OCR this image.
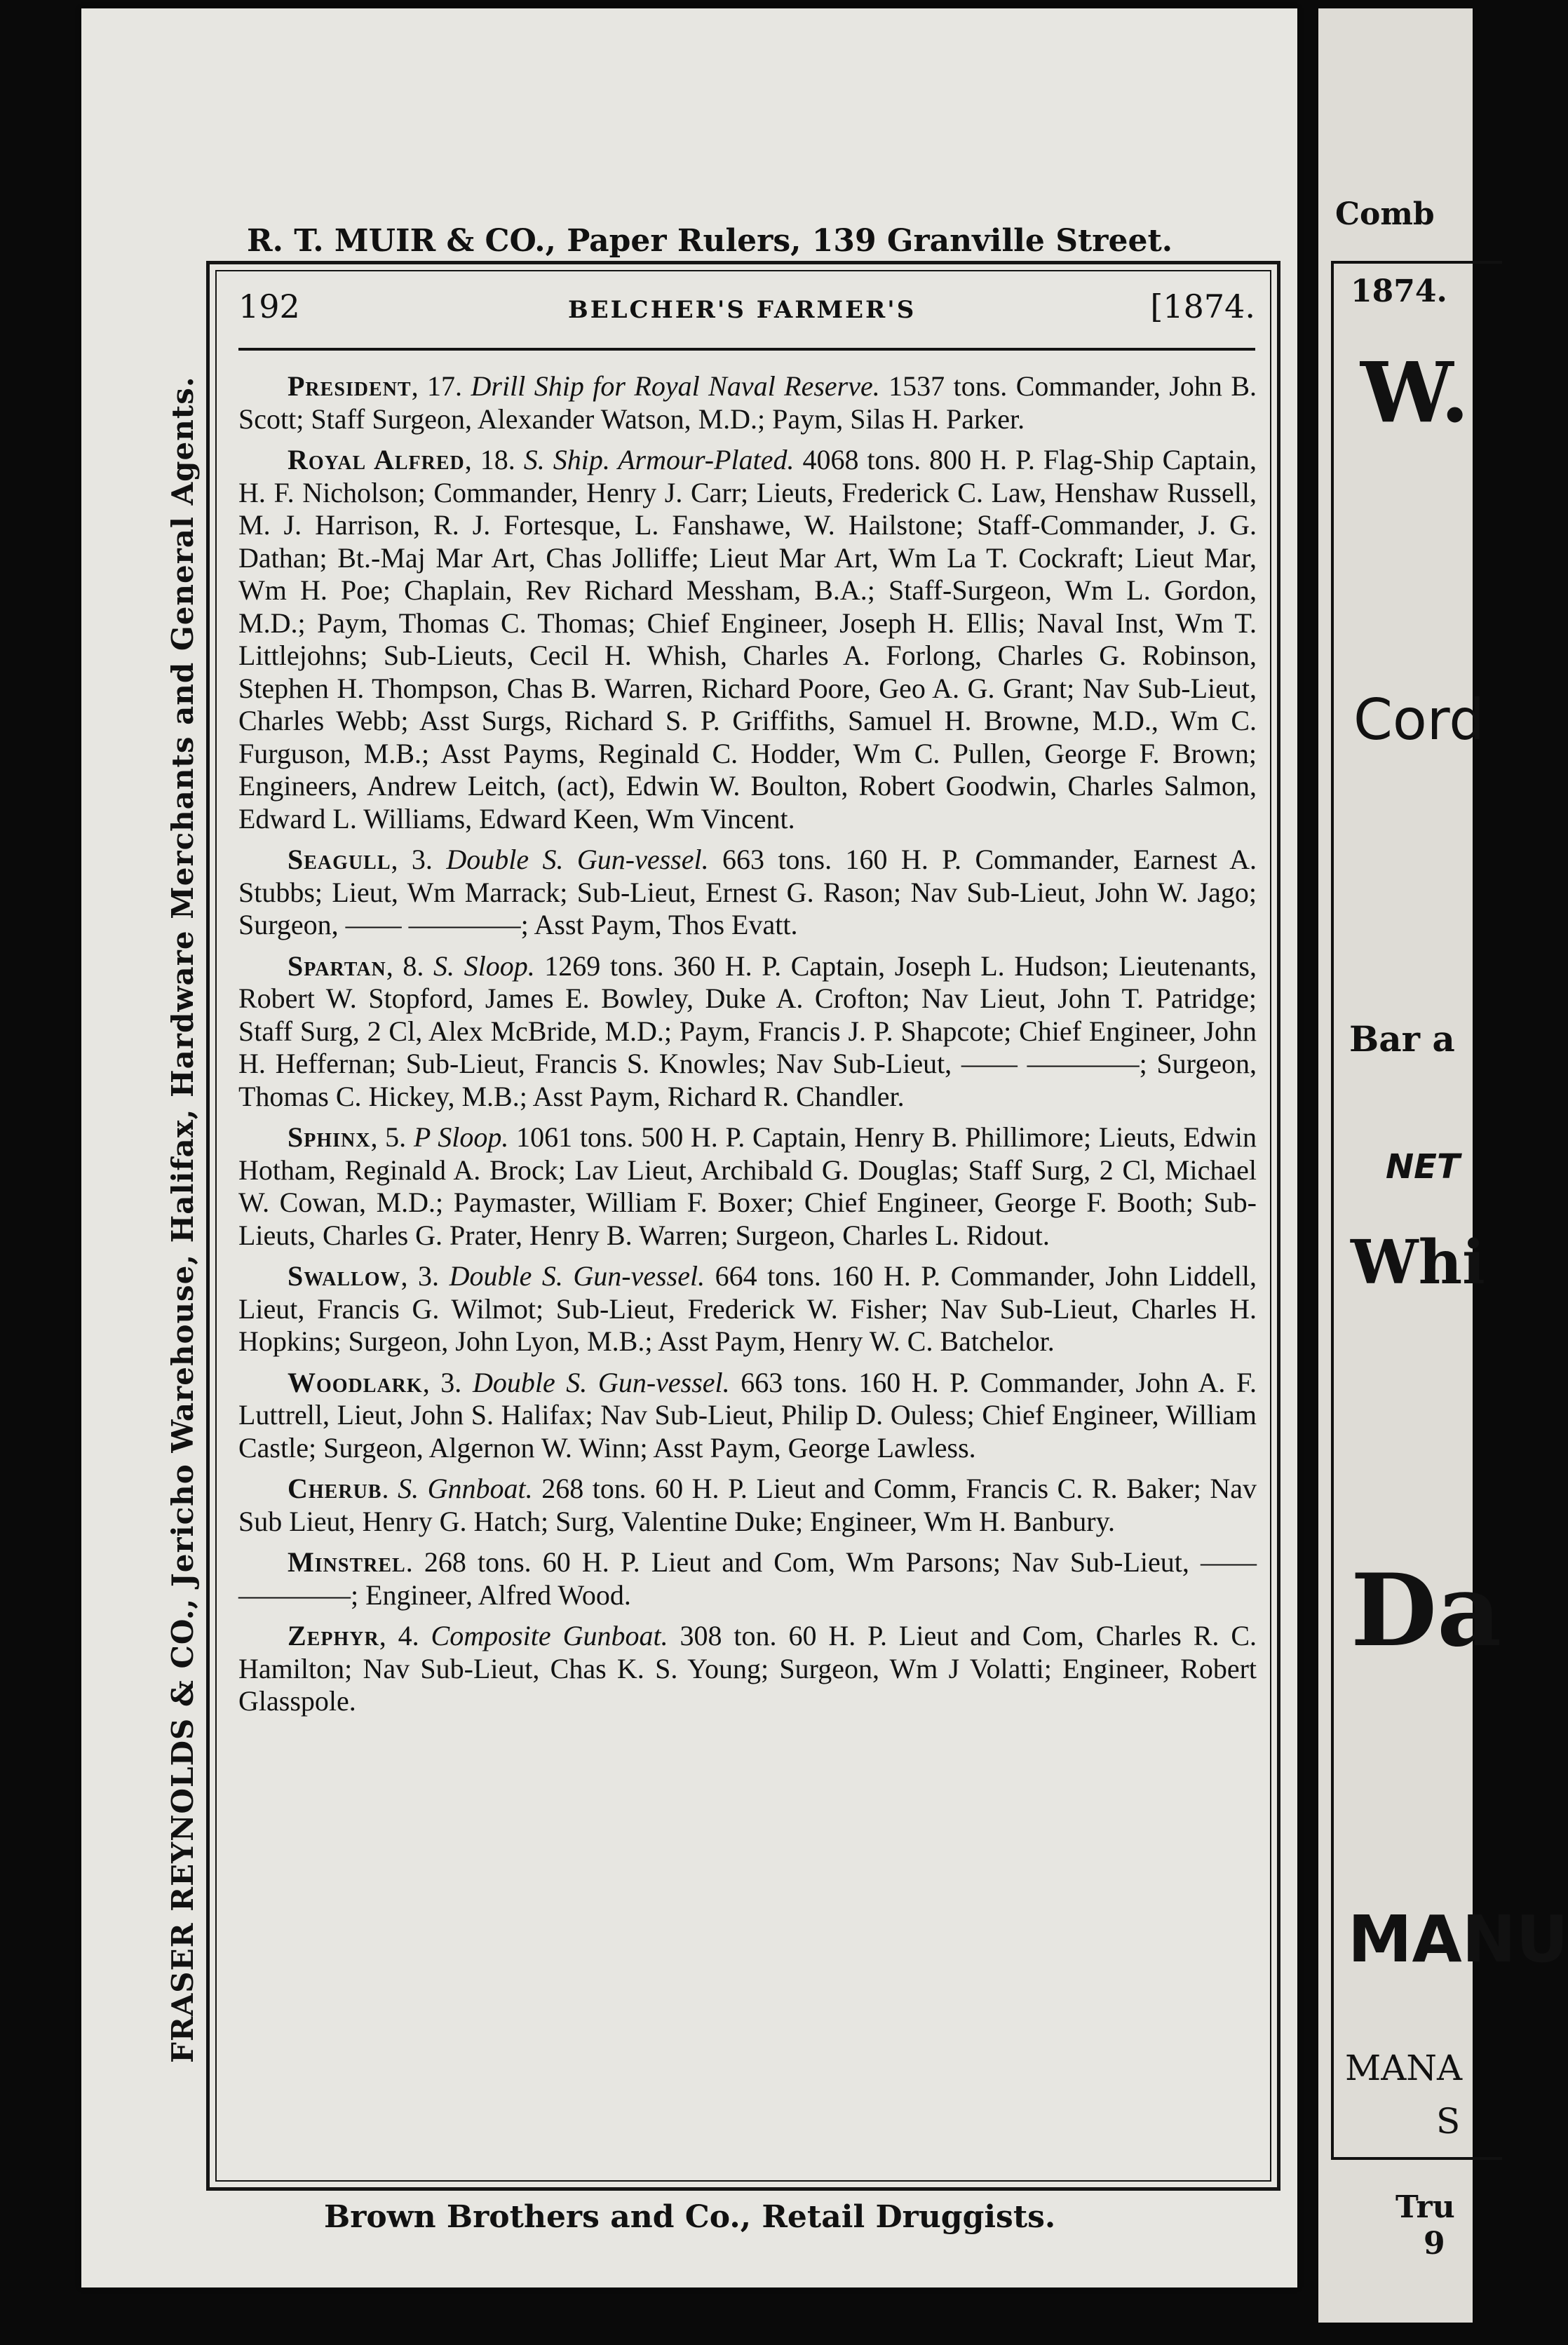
Comb
1874.
W.
Cord
Bar a
NET
Whi
Da
MANU
MANA
S
Tru
9
FRASER REYNOLDS & CO., Jericho Warehouse, Halifax, Hardware Merchants and General Agents.
R. T. MUIR & CO., Paper Rulers, 139 Granville Street.
192	BELCHER'S FARMER'S	[1874.

President, 17. Drill Ship for Royal Naval Reserve. 1537 tons. Commander, John B. Scott; Staff Surgeon, Alexander Watson, M.D.; Paym, Silas H. Parker.

Royal Alfred, 18. S. Ship. Armour-Plated. 4068 tons. 800 H. P. Flag-Ship Captain, H. F. Nicholson; Commander, Henry J. Carr; Lieuts, Frederick C. Law, Henshaw Russell, M. J. Harrison, R. J. Fortesque, L. Fanshawe, W. Hailstone; Staff-Commander, J. G. Dathan; Bt.-Maj Mar Art, Chas Jolliffe; Lieut Mar Art, Wm La T. Cockraft; Lieut Mar, Wm H. Poe; Chaplain, Rev Richard Messham, B.A.; Staff-Surgeon, Wm L. Gordon, M.D.; Paym, Thomas C. Thomas; Chief Engineer, Joseph H. Ellis; Naval Inst, Wm T. Littlejohns; Sub-Lieuts, Cecil H. Whish, Charles A. Forlong, Charles G. Robinson, Stephen H. Thompson, Chas B. Warren, Richard Poore, Geo A. G. Grant; Nav Sub-Lieut, Charles Webb; Asst Surgs, Richard S. P. Griffiths, Samuel H. Browne, M.D., Wm C. Furguson, M.B.; Asst Payms, Reginald C. Hodder, Wm C. Pullen, George F. Brown; Engineers, Andrew Leitch, (act), Edwin W. Boulton, Robert Goodwin, Charles Salmon, Edward L. Williams, Edward Keen, Wm Vincent.

Seagull, 3. Double S. Gun-vessel. 663 tons. 160 H. P. Commander, Earnest A. Stubbs; Lieut, Wm Marrack; Sub-Lieut, Ernest G. Rason; Nav Sub-Lieut, John W. Jago; Surgeon, —— ————; Asst Paym, Thos Evatt.

Spartan, 8. S. Sloop. 1269 tons. 360 H. P. Captain, Joseph L. Hudson; Lieutenants, Robert W. Stopford, James E. Bowley, Duke A. Crofton; Nav Lieut, John T. Patridge; Staff Surg, 2 Cl, Alex McBride, M.D.; Paym, Francis J. P. Shapcote; Chief Engineer, John H. Heffernan; Sub-Lieut, Francis S. Knowles; Nav Sub-Lieut, —— ————; Surgeon, Thomas C. Hickey, M.B.; Asst Paym, Richard R. Chandler.

Sphinx, 5. P Sloop. 1061 tons. 500 H. P. Captain, Henry B. Phillimore; Lieuts, Edwin Hotham, Reginald A. Brock; Lav Lieut, Archibald G. Douglas; Staff Surg, 2 Cl, Michael W. Cowan, M.D.; Paymaster, William F. Boxer; Chief Engineer, George F. Booth; Sub-Lieuts, Charles G. Prater, Henry B. Warren; Surgeon, Charles L. Ridout.

Swallow, 3. Double S. Gun-vessel. 664 tons. 160 H. P. Commander, John Liddell, Lieut, Francis G. Wilmot; Sub-Lieut, Frederick W. Fisher; Nav Sub-Lieut, Charles H. Hopkins; Surgeon, John Lyon, M.B.; Asst Paym, Henry W. C. Batchelor.

Woodlark, 3. Double S. Gun-vessel. 663 tons. 160 H. P. Commander, John A. F. Luttrell, Lieut, John S. Halifax; Nav Sub-Lieut, Philip D. Ouless; Chief Engineer, William Castle; Surgeon, Algernon W. Winn; Asst Paym, George Lawless.

Cherub. S. Gnnboat. 268 tons. 60 H. P. Lieut and Comm, Francis C. R. Baker; Nav Sub Lieut, Henry G. Hatch; Surg, Valentine Duke; Engineer, Wm H. Banbury.

Minstrel. 268 tons. 60 H. P. Lieut and Com, Wm Parsons; Nav Sub-Lieut, —— ————; Engineer, Alfred Wood.

Zephyr, 4. Composite Gunboat. 308 ton. 60 H. P. Lieut and Com, Charles R. C. Hamilton; Nav Sub-Lieut, Chas K. S. Young; Surgeon, Wm J Volatti; Engineer, Robert Glasspole.

Brown Brothers and Co., Retail Druggists.
